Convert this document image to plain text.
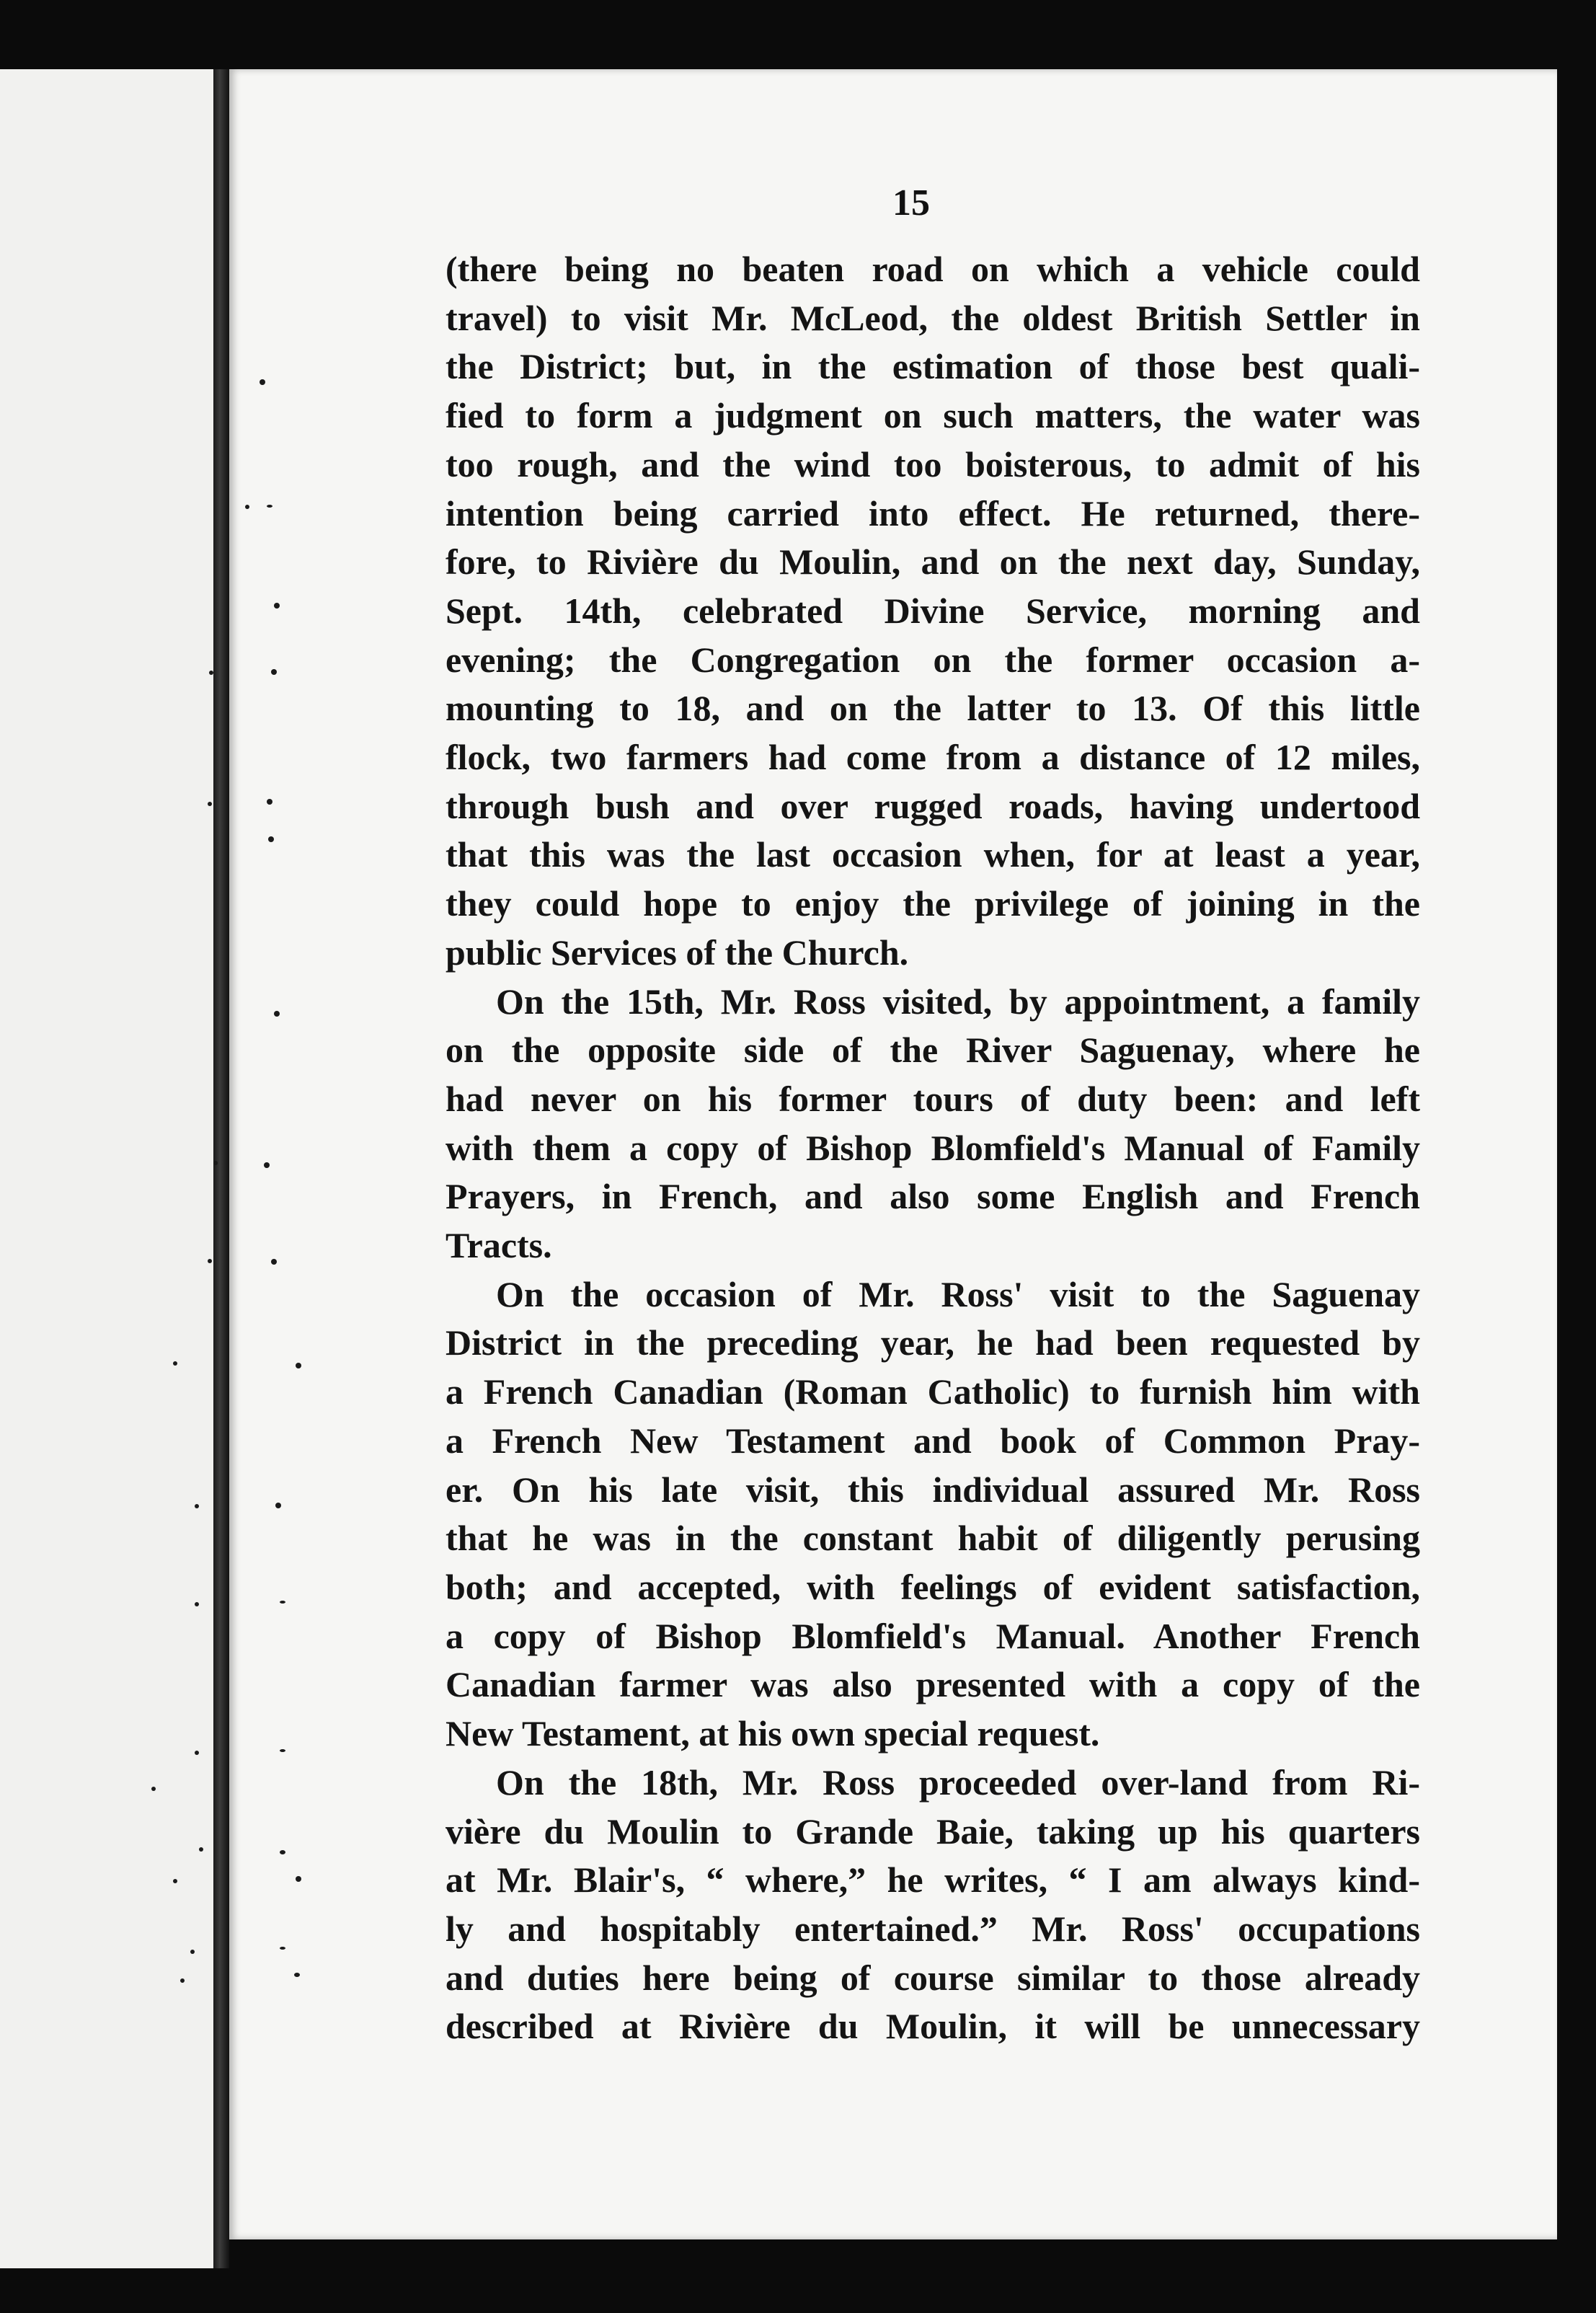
15
(there being no beaten road on which a vehicle could
travel) to visit Mr. McLeod, the oldest British Settler in
the District; but, in the estimation of those best quali-
fied to form a judgment on such matters, the water was
too rough, and the wind too boisterous, to admit of his
intention being carried into effect. He returned, there-
fore, to Rivière du Moulin, and on the next day, Sunday,
Sept. 14th, celebrated Divine Service, morning and
evening; the Congregation on the former occasion a-
mounting to 18, and on the latter to 13. Of this little
flock, two farmers had come from a distance of 12 miles,
through bush and over rugged roads, having undertood
that this was the last occasion when, for at least a year,
they could hope to enjoy the privilege of joining in the
public Services of the Church.
On the 15th, Mr. Ross visited, by appointment, a family
on the opposite side of the River Saguenay, where he
had never on his former tours of duty been: and left
with them a copy of Bishop Blomfield's Manual of Family
Prayers, in French, and also some English and French
Tracts.
On the occasion of Mr. Ross' visit to the Saguenay
District in the preceding year, he had been requested by
a French Canadian (Roman Catholic) to furnish him with
a French New Testament and book of Common Pray-
er. On his late visit, this individual assured Mr. Ross
that he was in the constant habit of diligently perusing
both; and accepted, with feelings of evident satisfaction,
a copy of Bishop Blomfield's Manual. Another French
Canadian farmer was also presented with a copy of the
New Testament, at his own special request.
On the 18th, Mr. Ross proceeded over-land from Ri-
vière du Moulin to Grande Baie, taking up his quarters
at Mr. Blair's, “ where,” he writes, “ I am always kind-
ly and hospitably entertained.” Mr. Ross' occupations
and duties here being of course similar to those already
described at Rivière du Moulin, it will be unnecessary
